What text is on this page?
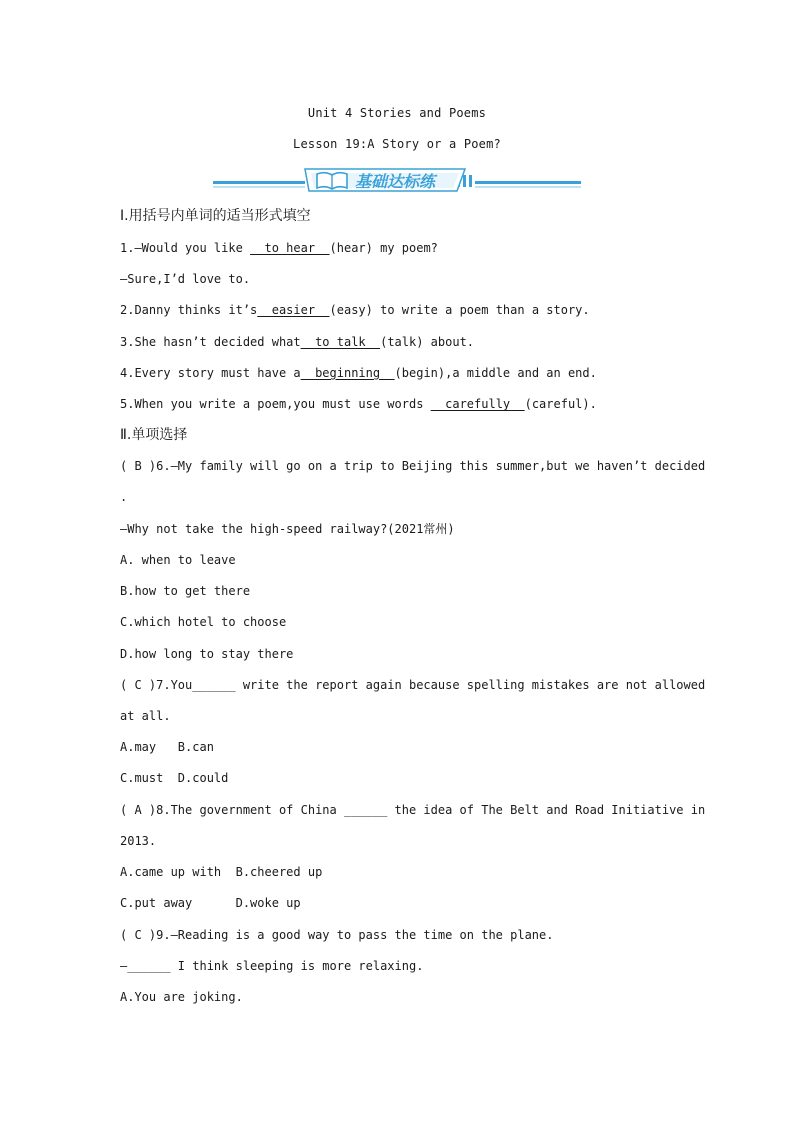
Unit 4 Stories and Poems
Lesson 19:A Story or a Poem?
基础达标练
Ⅰ.用括号内单词的适当形式填空
1.—Would you like   to hear  (hear) my poem?
—Sure,I’d love to.
2.Danny thinks it’s  easier  (easy) to write a poem than a story.
3.She hasn’t decided what  to talk  (talk) about.
4.Every story must have a  beginning  (begin),a middle and an end.
5.When you write a poem,you must use words   carefully  (careful).
Ⅱ.单项选择
( B )6.—My family will go on a trip to Beijing this summer,but we haven’t decided
.
—Why not take the high-speed railway?(2021常州)
A. when to leave
B.how to get there
C.which hotel to choose
D.how long to stay there
( C )7.You______ write the report again because spelling mistakes are not allowed
at all.
A.may   B.can
C.must  D.could
( A )8.The government of China ______ the idea of The Belt and Road Initiative in
2013.
A.came up with  B.cheered up
C.put away      D.woke up
( C )9.—Reading is a good way to pass the time on the plane.
—______ I think sleeping is more relaxing.
A.You are joking.
